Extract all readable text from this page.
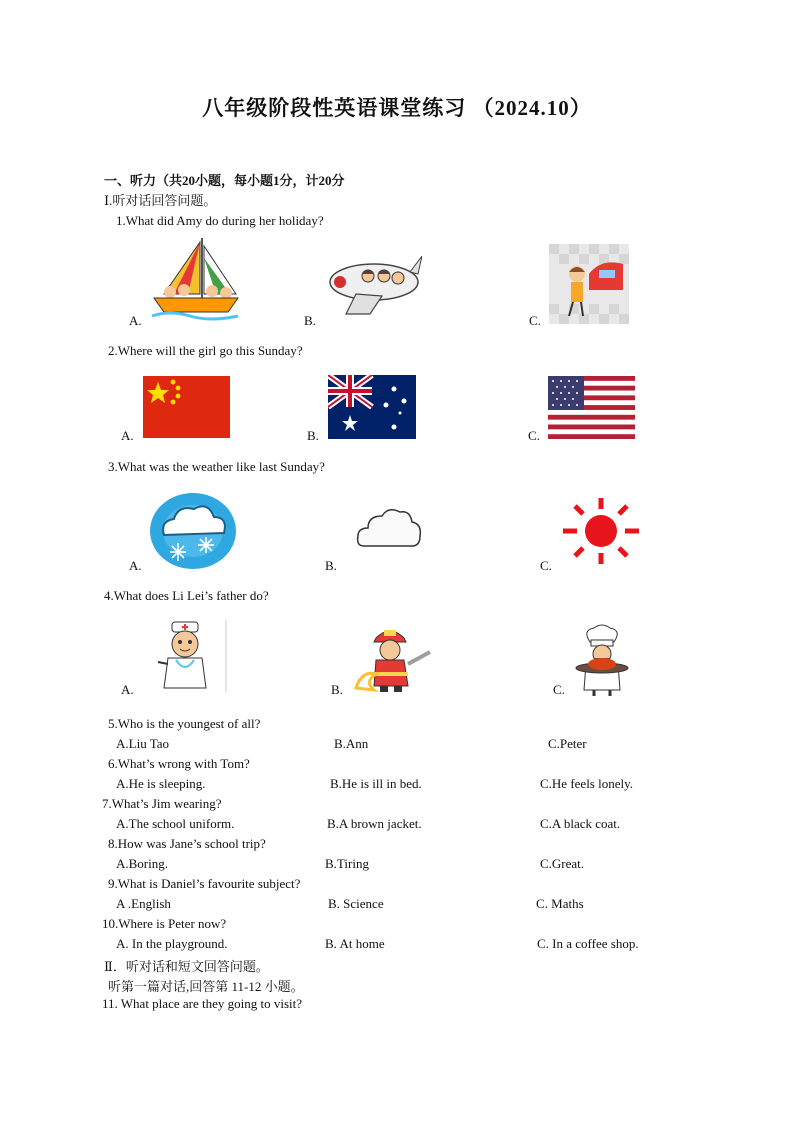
八年级阶段性英语课堂练习 （2024.10）
一、听力（共20小题，每小题1分，计20分
Ⅰ.听对话回答问题。
1.What did Amy do during her holiday?
A.	B.	C.
2.Where will the girl go this Sunday?
A.	B.	C.
3.What was the weather like last Sunday?
A.	B.	C.
4.What does Li Lei’s father do?
A.	B.	C.
5.Who is the youngest of all?
A.Liu Tao	B.Ann	C.Peter
6.What’s wrong with Tom?
A.He is sleeping.	B.He is ill in bed.	C.He feels lonely.
7.What’s Jim wearing?
A.The school uniform.	B.A brown jacket.	C.A black coat.
8.How was Jane’s school trip?
A.Boring.	B.Tiring	C.Great.
9.What is Daniel’s favourite subject?
A .English	B. Science	C. Maths
10.Where is Peter now?
A. In the playground.	B. At home	C. In a coffee shop.
Ⅱ．听对话和短文回答问题。
听第一篇对话,回答第 11-12 小题。
11. What place are they going to visit?
